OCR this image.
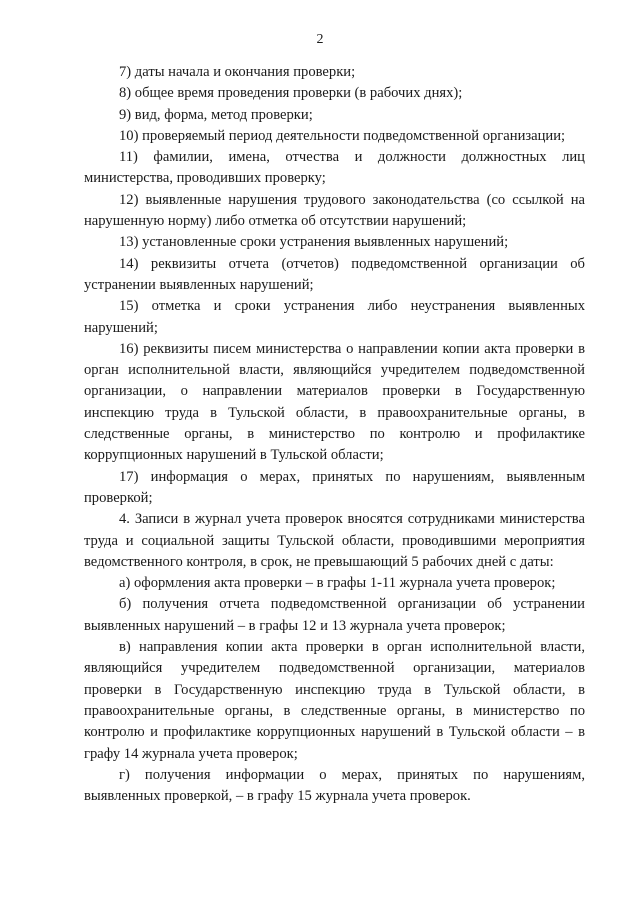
2

7) даты начала и окончания проверки;

8) общее время проведения проверки (в рабочих днях);

9) вид, форма, метод проверки;

10) проверяемый период деятельности подведомственной организации;

11) фамилии, имена, отчества и должности должностных лиц министерства, проводивших проверку;

12) выявленные нарушения трудового законодательства (со ссылкой на нарушенную норму) либо отметка об отсутствии нарушений;

13) установленные сроки устранения выявленных нарушений;

14) реквизиты отчета (отчетов) подведомственной организации об устранении выявленных нарушений;

15) отметка и сроки устранения либо неустранения выявленных нарушений;

16) реквизиты писем министерства о направлении копии акта проверки в орган исполнительной власти, являющийся учредителем подведомственной организации, о направлении материалов проверки в Государственную инспекцию труда в Тульской области, в правоохранительные органы, в следственные органы, в министерство по контролю и профилактике коррупционных нарушений в Тульской области;

17) информация о мерах, принятых по нарушениям, выявленным проверкой;

4. Записи в журнал учета проверок вносятся сотрудниками министерства труда и социальной защиты Тульской области, проводившими мероприятия ведомственного контроля, в срок, не превышающий 5 рабочих дней с даты:

а) оформления акта проверки – в графы 1-11 журнала учета проверок;

б) получения отчета подведомственной организации об устранении выявленных нарушений – в графы 12 и 13 журнала учета проверок;

в) направления копии акта проверки в орган исполнительной власти, являющийся учредителем подведомственной организации, материалов проверки в Государственную инспекцию труда в Тульской области, в правоохранительные органы, в следственные органы, в министерство по контролю и профилактике коррупционных нарушений в Тульской области – в графу 14 журнала учета проверок;

г) получения информации о мерах, принятых по нарушениям, выявленных проверкой, – в графу 15 журнала учета проверок.
